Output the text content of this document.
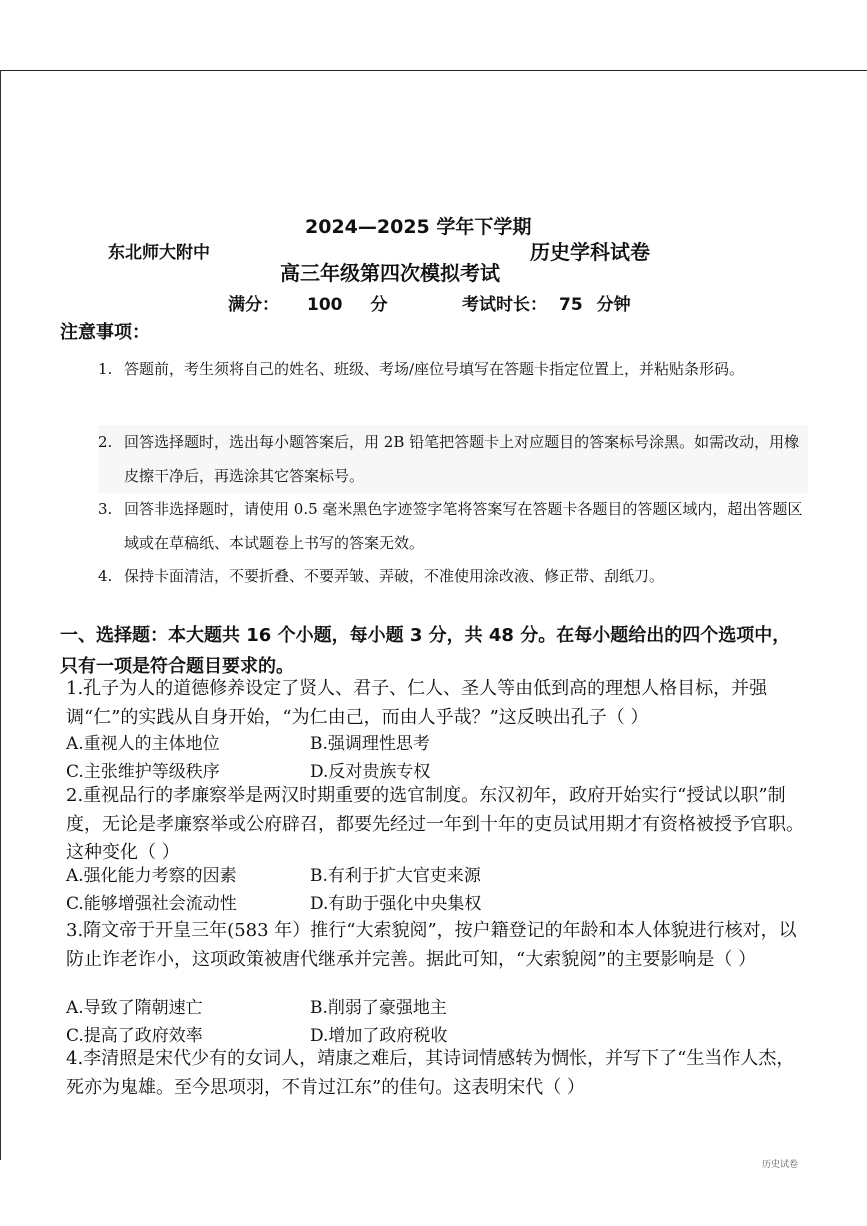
2024—2025 学年下学期
东北师大附中	历史学科试卷
高三年级第四次模拟考试
满分： 100 分	考试时长： 75 分钟
注意事项：
1. 答题前，考生须将自己的姓名、班级、考场/座位号填写在答题卡指定位置上，并粘贴条形码。
2. 回答选择题时，选出每小题答案后，用 2B 铅笔把答题卡上对应题目的答案标号涂黑。如需改动，用橡皮擦干净后，再选涂其它答案标号。
3. 回答非选择题时，请使用 0.5 毫米黑色字迹签字笔将答案写在答题卡各题目的答题区域内，超出答题区域或在草稿纸、本试题卷上书写的答案无效。
4. 保持卡面清洁，不要折叠、不要弄皱、弄破，不准使用涂改液、修正带、刮纸刀。
一、选择题：本大题共 16 个小题，每小题 3 分，共 48 分。在每小题给出的四个选项中，只有一项是符合题目要求的。
1.孔子为人的道德修养设定了贤人、君子、仁人、圣人等由低到高的理想人格目标，并强调“仁”的实践从自身开始，“为仁由己，而由人乎哉？”这反映出孔子（ ）
A.重视人的主体地位	B.强调理性思考
C.主张维护等级秩序	D.反对贵族专权
2.重视品行的孝廉察举是两汉时期重要的选官制度。东汉初年，政府开始实行“授试以职”制度，无论是孝廉察举或公府辟召，都要先经过一年到十年的吏员试用期才有资格被授予官职。这种变化（ ）
A.强化能力考察的因素	B.有利于扩大官吏来源
C.能够增强社会流动性	D.有助于强化中央集权
3.隋文帝于开皇三年(583 年）推行“大索貌阅”，按户籍登记的年龄和本人体貌进行核对，以防止诈老诈小，这项政策被唐代继承并完善。据此可知，“大索貌阅”的主要影响是（ ）
A.导致了隋朝速亡	B.削弱了豪强地主
C.提高了政府效率	D.增加了政府税收
4.李清照是宋代少有的女词人，靖康之难后，其诗词情感转为惆怅，并写下了“生当作人杰，死亦为鬼雄。至今思项羽，不肯过江东”的佳句。这表明宋代（ ）
历史试卷
